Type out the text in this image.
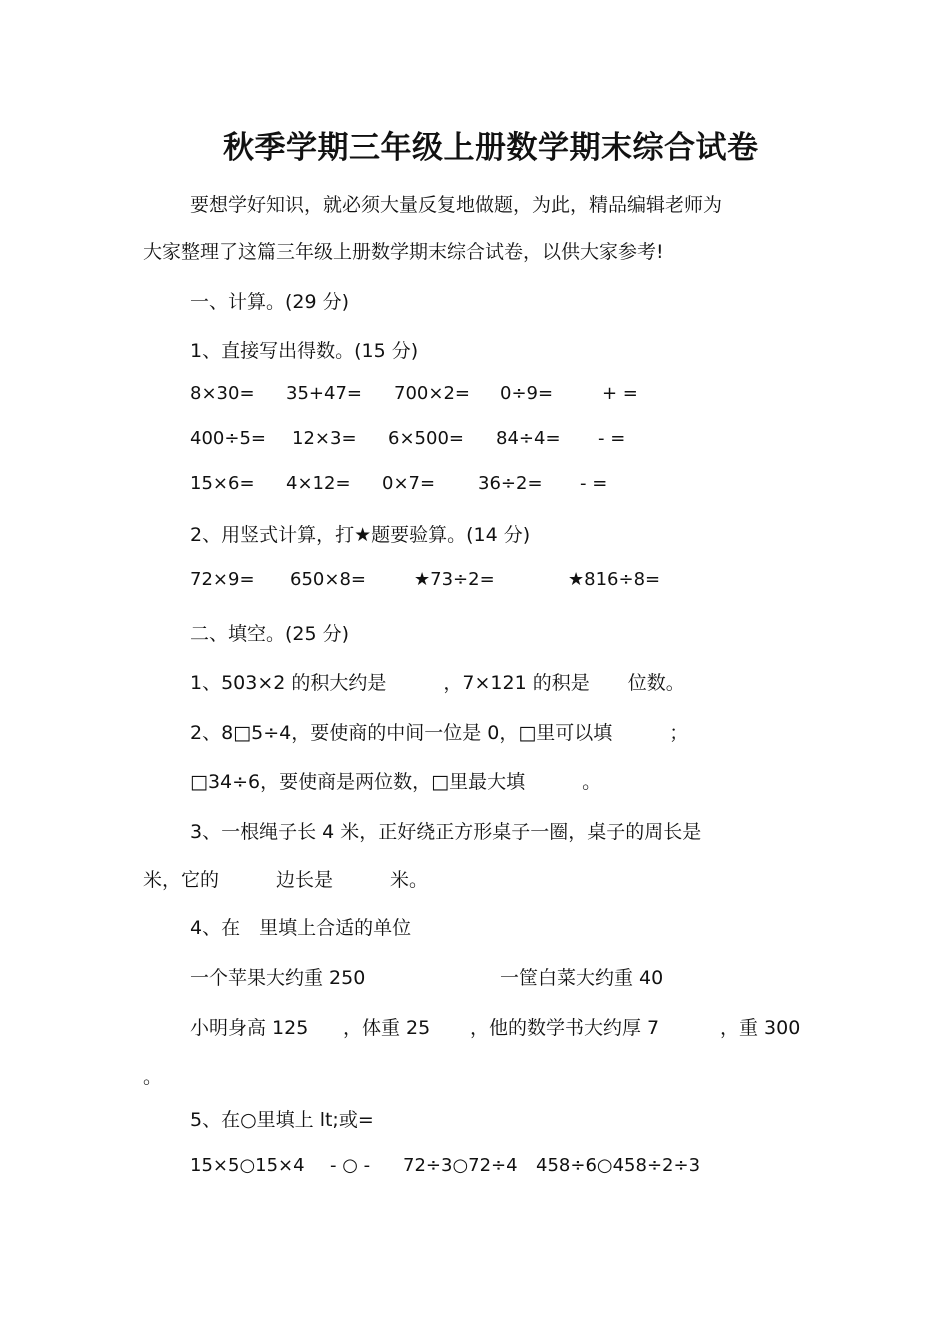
秋季学期三年级上册数学期末综合试卷
要想学好知识，就必须大量反复地做题，为此，精品编辑老师为
大家整理了这篇三年级上册数学期末综合试卷，以供大家参考!
一、计算。(29 分)
1、直接写出得数。(15 分)
8×30= 35+47= 700×2= 0÷9=	+ =
400÷5= 12×3= 6×500= 84÷4= - =
15×6= 4×12= 0×7= 36÷2= - =
2、用竖式计算，打★题要验算。(14 分)
72×9= 650×8=	★73÷2=	★816÷8=
二、填空。(25 分)
1、503×2 的积大约是　　　，7×121 的积是　　位数。
2、8□5÷4，要使商的中间一位是 0，□里可以填　　　；
□34÷6，要使商是两位数，□里最大填　　　。
3、一根绳子长 4 米，正好绕正方形桌子一圈，桌子的周长是
米，它的　　　边长是　　　米。
4、在　里填上合适的单位
一个苹果大约重 250	一筐白菜大约重 40
小明身高 125 ，体重 25 ，他的数学书大约厚 7	，重 300
。
5、在○里填上 lt;或=
15×5○15×4 - ○ - 72÷3○72÷4 458÷6○458÷2÷3
